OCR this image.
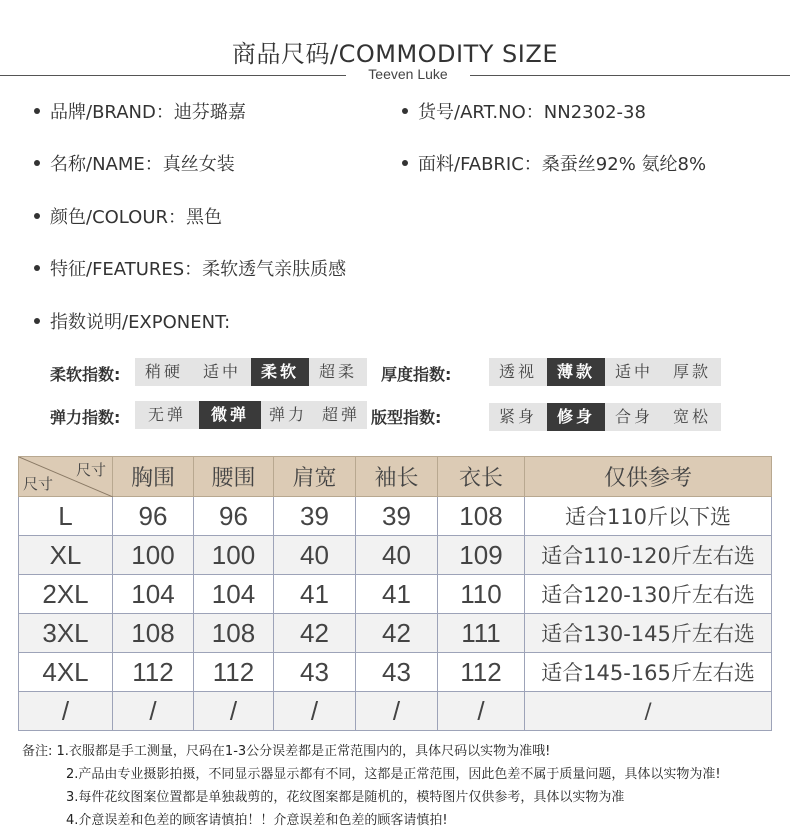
商品尺码/COMMODITY SIZE
Teeven Luke
品牌/BRAND：迪芬璐嘉	货号/ART.NO：NN2302-38
名称/NAME：真丝女装	面料/FABRIC：桑蚕丝92% 氨纶8%
颜色/COLOUR：黑色
特征/FEATURES：柔软透气亲肤质感
指数说明/EXPONENT:
柔软指数:	稍硬	适中	柔软	超柔	厚度指数:	透视	薄款	适中	厚款
弹力指数:	无弹	微弹	弹力 超弹 版型指数:	紧身	修身	合身	宽松
尺寸
尺寸	胸围	腰围	肩宽	袖长	衣长	仅供参考
L	96	96	39	39	108	适合110斤以下选
XL	100	100	40	40	109	适合110-120斤左右选
2XL	104	104	41	41	110	适合120-130斤左右选
3XL	108	108	42	42	111	适合130-145斤左右选
4XL	112	112	43	43	112	适合145-165斤左右选
/	/	/	/	/	/	/
备注: 1.衣服都是手工测量，尺码在1-3公分误差都是正常范围内的，具体尺码以实物为准哦!
2.产品由专业摄影拍摄，不同显示器显示都有不同，这都是正常范围，因此色差不属于质量问题，具体以实物为准!
3.每件花纹图案位置都是单独裁剪的，花纹图案都是随机的，模特图片仅供参考，具体以实物为准
4.介意误差和色差的顾客请慎拍！！介意误差和色差的顾客请慎拍!
